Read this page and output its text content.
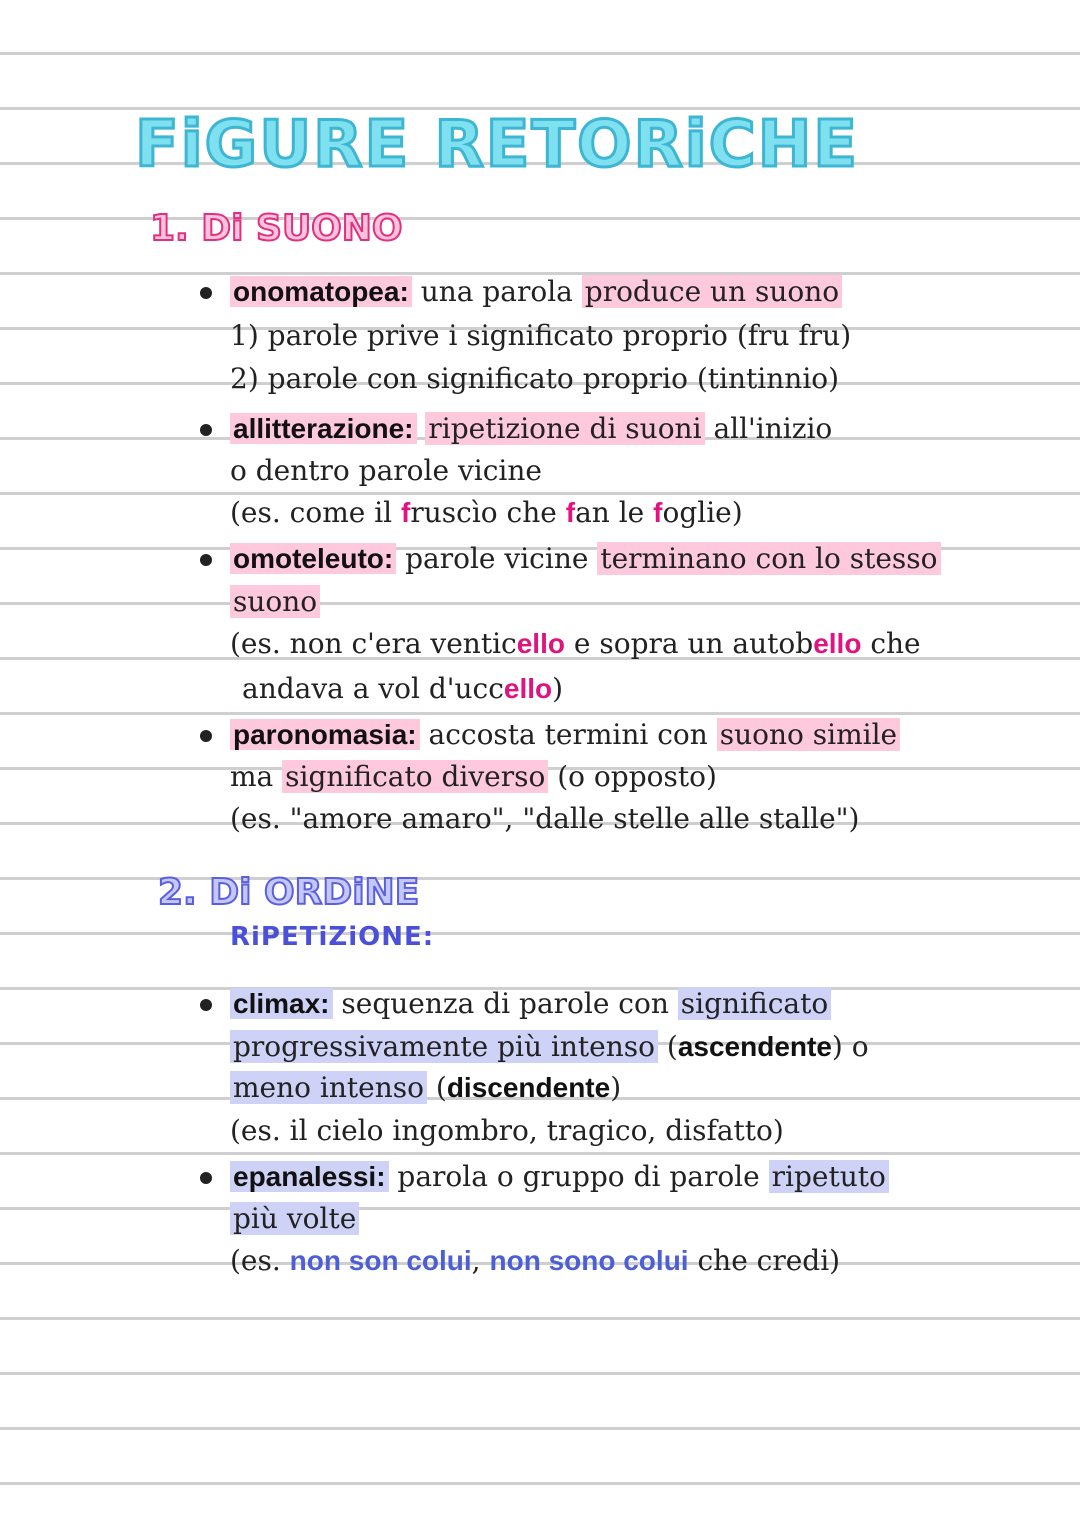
FiGURE RETORiCHE
1. Di SUONO
onomatopea: una parola produce un suono
1) parole prive i significato proprio (fru fru)
2) parole con significato proprio (tintinnio)
allitterazione: ripetizione di suoni all'inizio
o dentro parole vicine
(es. come il fruscìo che fan le foglie)
omoteleuto: parole vicine terminano con lo stesso
suono
(es. non c'era venticello e sopra un autobello che
andava a vol d'uccello)
paronomasia: accosta termini con suono simile
ma significato diverso (o opposto)
(es. "amore amaro", "dalle stelle alle stalle")
2. Di ORDiNE
RiPETiZiONE:
climax: sequenza di parole con significato
progressivamente più intenso (ascendente) o
meno intenso (discendente)
(es. il cielo ingombro, tragico, disfatto)
epanalessi: parola o gruppo di parole ripetuto
più volte
(es. non son colui, non sono colui che credi)
